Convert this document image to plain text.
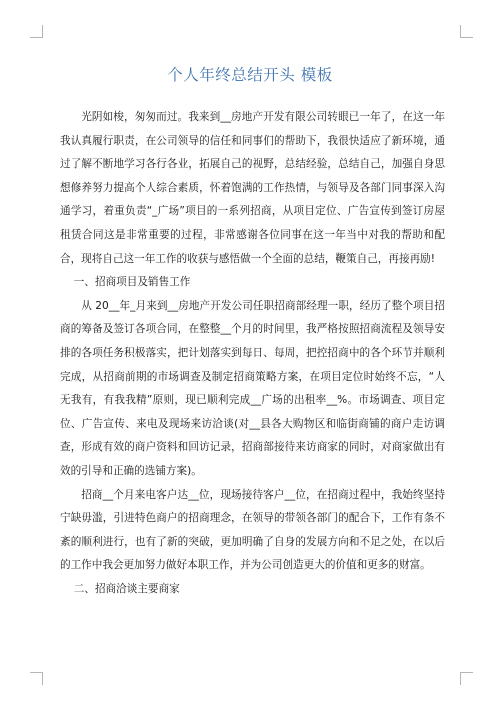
个人年终总结开头 模板

光阴如梭，匆匆而过。我来到__房地产开发有限公司转眼已一年了，在这一年我认真履行职责，在公司领导的信任和同事们的帮助下，我很快适应了新环境，通过了解不断地学习各行各业，拓展自己的视野，总结经验，总结自己，加强自身思想修养努力提高个人综合素质，怀着饱满的工作热情，与领导及各部门同事深入沟通学习，着重负责“_广场”项目的一系列招商，从项目定位、广告宣传到签订房屋租赁合同这是非常重要的过程，非常感谢各位同事在这一年当中对我的帮助和配合，现将自己这一年工作的收获与感悟做一个全面的总结，鞭策自己，再接再励!

一、招商项目及销售工作

从 20__年_月来到__房地产开发公司任职招商部经理一职，经历了整个项目招商的筹备及签订各项合同，在整整__个月的时间里，我严格按照招商流程及领导安排的各项任务积极落实，把计划落实到每日、每周，把控招商中的各个环节并顺利完成，从招商前期的市场调查及制定招商策略方案，在项目定位时始终不忘，“人无我有，有我我精”原则，现已顺利完成__广场的出租率__%。市场调查、项目定位、广告宣传、来电及现场来访洽谈(对__县各大购物区和临街商铺的商户走访调查，形成有效的商户资料和回访记录，招商部接待来访商家的同时，对商家做出有效的引导和正确的选铺方案)。

招商__个月来电客户达__位，现场接待客户__位，在招商过程中，我始终坚持宁缺毋滥，引进特色商户的招商理念，在领导的带领各部门的配合下，工作有条不紊的顺利进行，也有了新的突破，更加明确了自身的发展方向和不足之处，在以后的工作中我会更加努力做好本职工作，并为公司创造更大的价值和更多的财富。

二、招商洽谈主要商家
